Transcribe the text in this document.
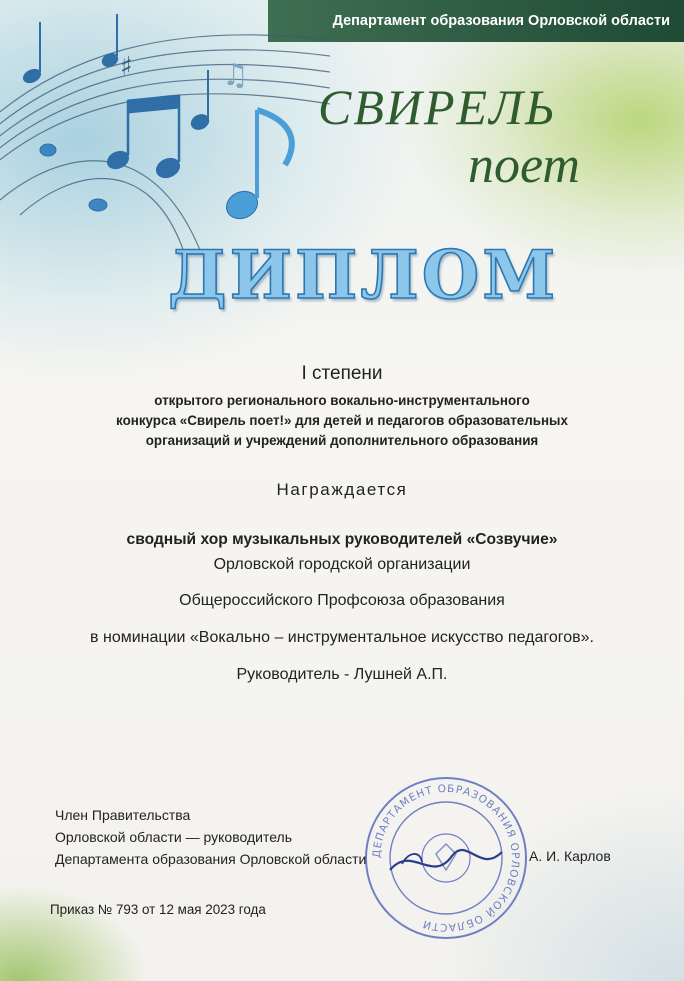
Департамент образования Орловской области
♯	♫
СВИРЕЛЬ
поет
ДИПЛОМ
I степени
открытого регионального вокально-инструментального
конкурса «Свирель поет!» для детей и педагогов образовательных
организаций и учреждений дополнительного образования
Награждается
сводный хор музыкальных руководителей «Созвучие»
Орловской городской организации
Общероссийского Профсоюза образования
в номинации «Вокально – инструментальное искусство педагогов».
Руководитель - Лушней А.П.
ДЕПАРТАМЕНТ ОБРАЗОВАНИЯ ОРЛОВСКОЙ ОБЛАСТИ
Член Правительства
Орловской области — руководитель
Департамента образования Орловской области	А. И. Карлов
Приказ № 793 от 12 мая 2023 года
